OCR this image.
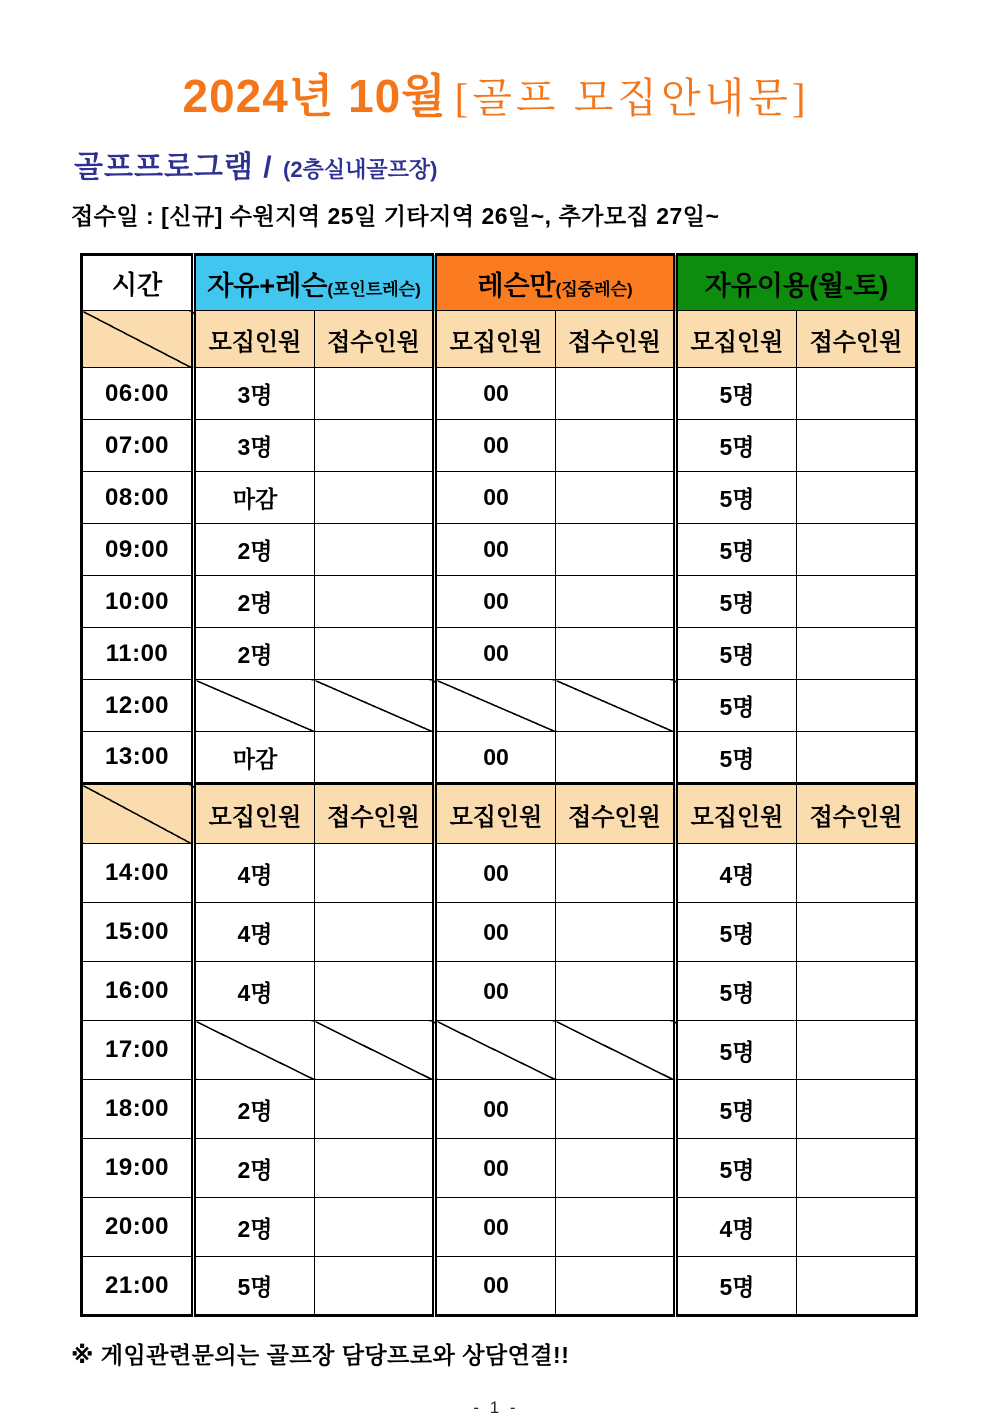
2024년 10월 [골프 모집안내문]
골프프로그램 / (2층실내골프장)
접수일 : [신규] 수원지역 25일 기타지역 26일~, 추가모집 27일~
시간	자유+레슨(포인트레슨)		레슨만(집중레슨)		자유이용(월-토)	
	모집인원	접수인원	모집인원	접수인원	모집인원	접수인원
06:00	3명		00		5명	
07:00	3명		00		5명	
08:00	마감		00		5명	
09:00	2명		00		5명	
10:00	2명		00		5명	
11:00	2명		00		5명	
12:00					5명	
13:00	마감		00		5명	
	모집인원	접수인원	모집인원	접수인원	모집인원	접수인원
14:00	4명		00		4명	
15:00	4명		00		5명	
16:00	4명		00		5명	
17:00					5명	
18:00	2명		00		5명	
19:00	2명		00		5명	
20:00	2명		00		4명	
21:00	5명		00		5명	
※ 게임관련문의는 골프장 담당프로와 상담연결!!
- 1 -
